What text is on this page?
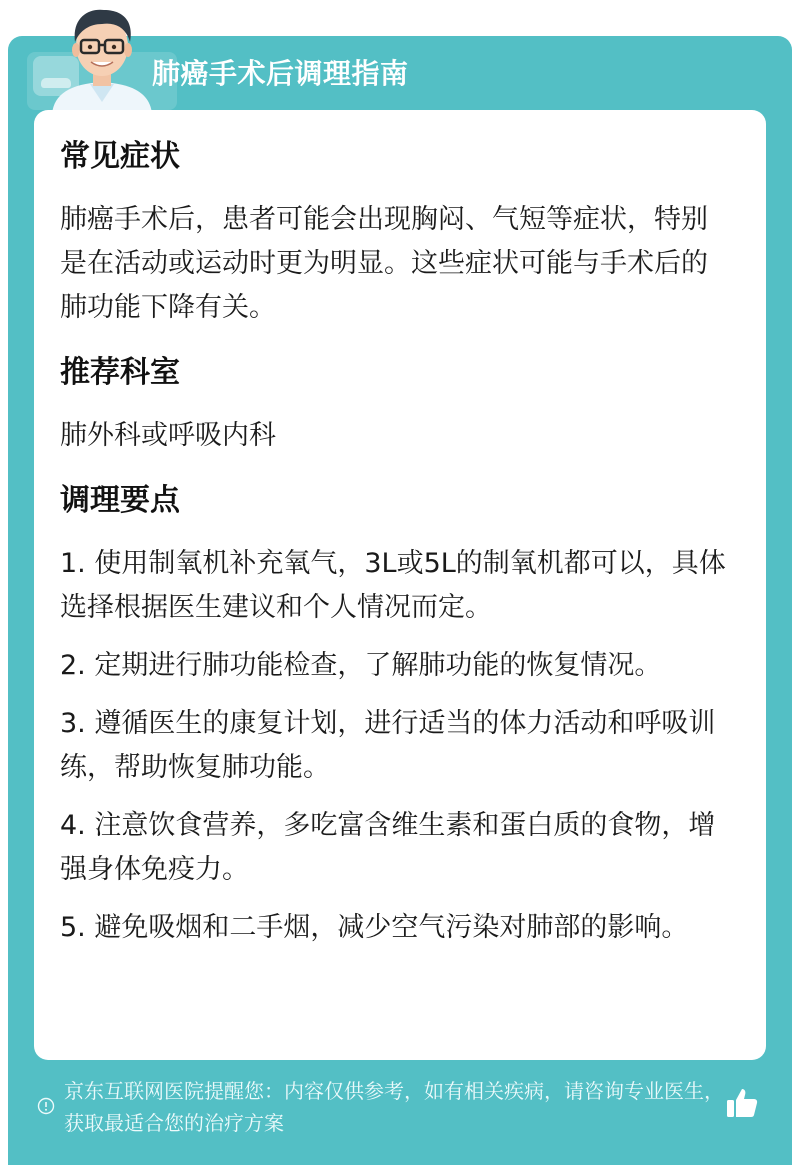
肺癌手术后调理指南
常见症状
肺癌手术后，患者可能会出现胸闷、气短等症状，特别是在活动或运动时更为明显。这些症状可能与手术后的肺功能下降有关。
推荐科室
肺外科或呼吸内科
调理要点
1. 使用制氧机补充氧气，3L或5L的制氧机都可以，具体选择根据医生建议和个人情况而定。
2. 定期进行肺功能检查，了解肺功能的恢复情况。
3. 遵循医生的康复计划，进行适当的体力活动和呼吸训练，帮助恢复肺功能。
4. 注意饮食营养，多吃富含维生素和蛋白质的食物，增强身体免疫力。
5. 避免吸烟和二手烟，减少空气污染对肺部的影响。
京东互联网医院提醒您：内容仅供参考，如有相关疾病，请咨询专业医生，获取最适合您的治疗方案
